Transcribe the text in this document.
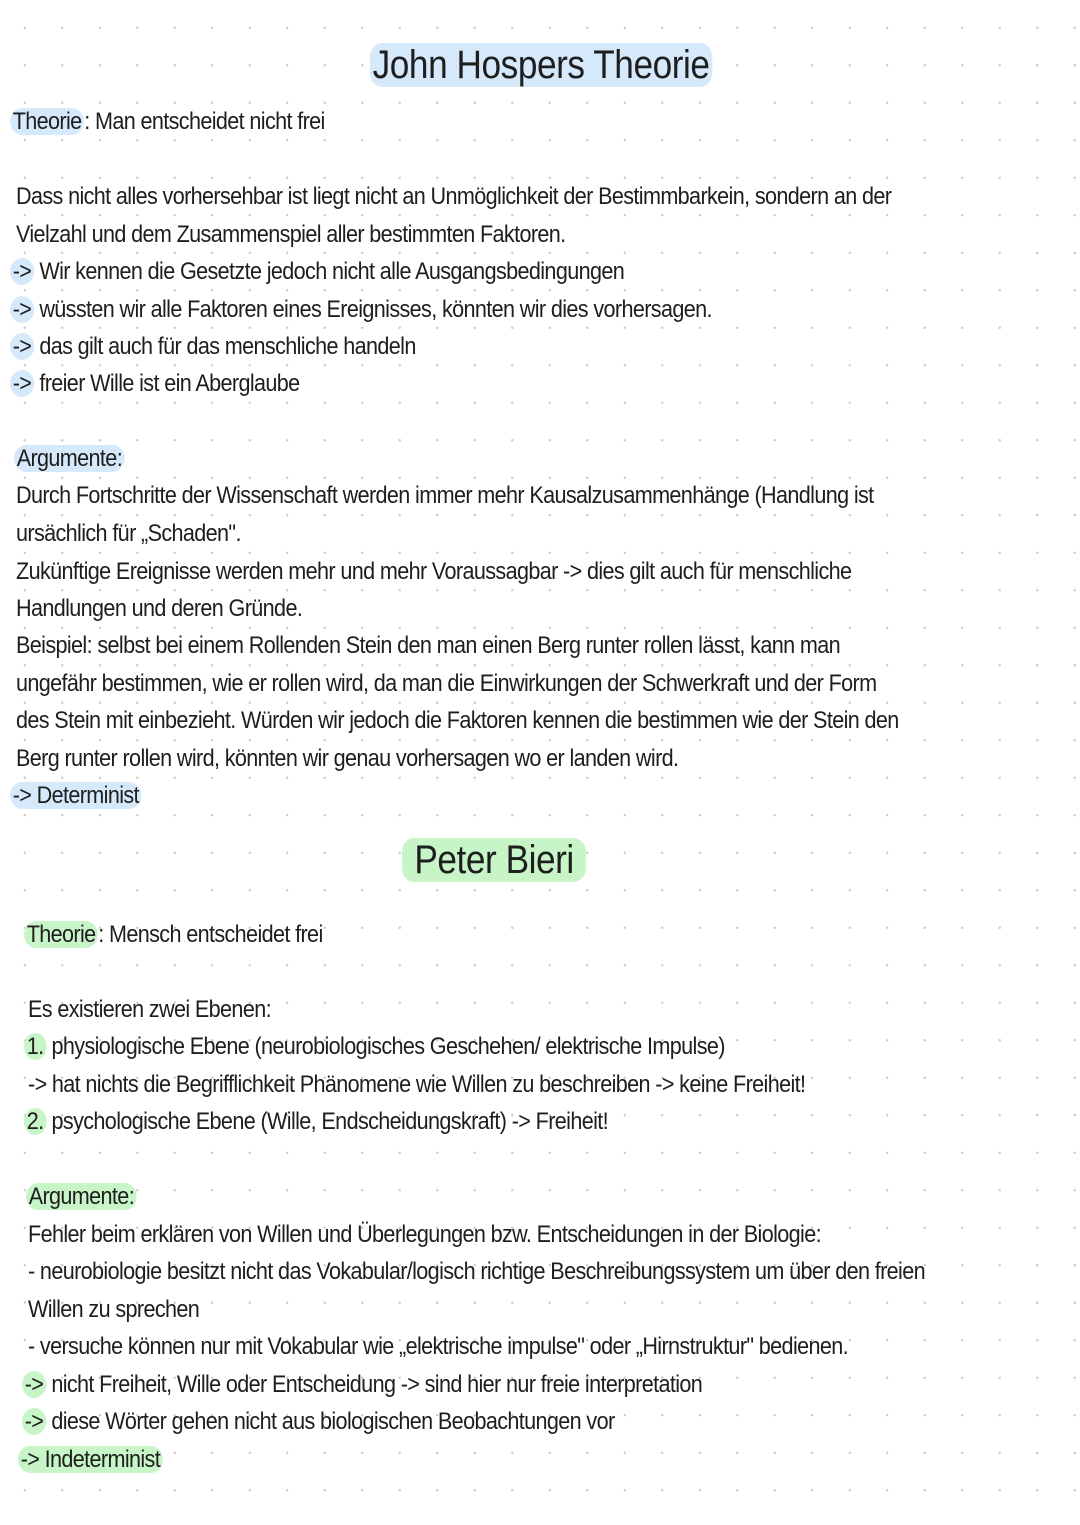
John Hospers Theorie
Theorie : Man entscheidet nicht frei
Dass nicht alles vorhersehbar ist liegt nicht an Unmöglichkeit der Bestimmbarkein, sondern an der
Vielzahl und dem Zusammenspiel aller bestimmten Faktoren.
-> Wir kennen die Gesetzte jedoch nicht alle Ausgangsbedingungen
-> wüssten wir alle Faktoren eines Ereignisses, könnten wir dies vorhersagen.
-> das gilt auch für das menschliche handeln
-> freier Wille ist ein Aberglaube
Argumente:
Durch Fortschritte der Wissenschaft werden immer mehr Kausalzusammenhänge (Handlung ist
ursächlich für „Schaden".
Zukünftige Ereignisse werden mehr und mehr Voraussagbar -> dies gilt auch für menschliche
Handlungen und deren Gründe.
Beispiel: selbst bei einem Rollenden Stein den man einen Berg runter rollen lässt, kann man
ungefähr bestimmen, wie er rollen wird, da man die Einwirkungen der Schwerkraft und der Form
des Stein mit einbezieht. Würden wir jedoch die Faktoren kennen die bestimmen wie der Stein den
Berg runter rollen wird, könnten wir genau vorhersagen wo er landen wird.
-> Determinist
Peter Bieri
Theorie : Mensch entscheidet frei
Es existieren zwei Ebenen:
1. physiologische Ebene (neurobiologisches Geschehen/ elektrische Impulse)
-> hat nichts die Begrifflichkeit Phänomene wie Willen zu beschreiben -> keine Freiheit!
2. psychologische Ebene (Wille, Endscheidungskraft) -> Freiheit!
Argumente:
Fehler beim erklären von Willen und Überlegungen bzw. Entscheidungen in der Biologie:
- neurobiologie besitzt nicht das Vokabular/logisch richtige Beschreibungssystem um über den freien
Willen zu sprechen
- versuche können nur mit Vokabular wie „elektrische impulse" oder „Hirnstruktur" bedienen.
-> nicht Freiheit, Wille oder Entscheidung -> sind hier nur freie interpretation
-> diese Wörter gehen nicht aus biologischen Beobachtungen vor
-> Indeterminist
